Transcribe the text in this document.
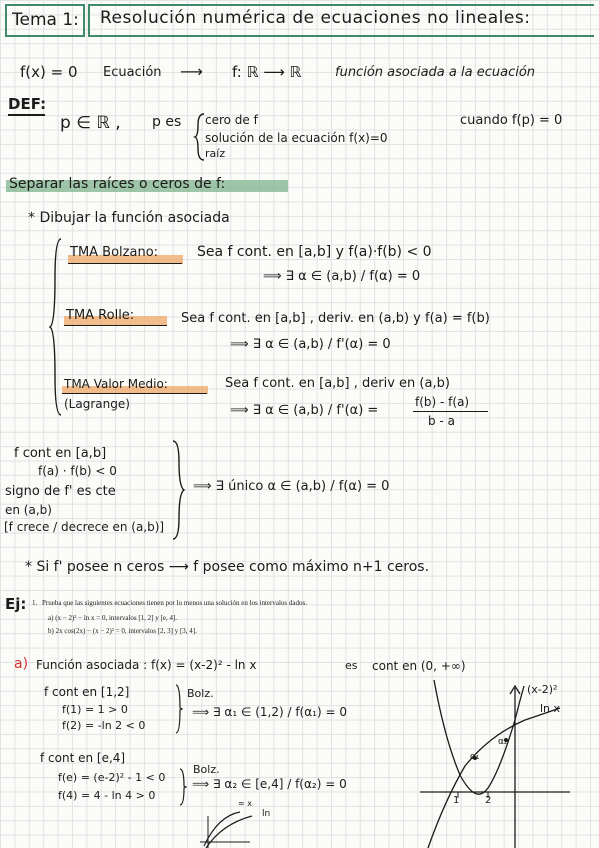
Tema 1: Resolución numérica de ecuaciones no lineales:
f(x) = 0 Ecuación ⟶ f: ℝ ⟶ ℝ	función asociada a la ecuación
DEF:
p ∈ ℝ , p es cero de f
solución de la ecuación f(x)=0
raíz
cuando f(p) = 0
Separar las raíces o ceros de f:
* Dibujar la función asociada
TMA Bolzano:	Sea f cont. en [a,b] y f(a)·f(b) < 0
⟹ ∃ α ∈ (a,b) / f(α) = 0
TMA Rolle:	Sea f cont. en [a,b] , deriv. en (a,b) y f(a) = f(b)
⟹ ∃ α ∈ (a,b) / f'(α) = 0
TMA Valor Medio:
(Lagrange)
Sea f cont. en [a,b] , deriv en (a,b)
⟹ ∃ α ∈ (a,b) / f'(α) =
f(b) - f(a)
b - a
f cont en [a,b]
f(a) · f(b) < 0
signo de f' es cte
en (a,b)
[f crece / decrece en (a,b)]
⟹ ∃ único α ∈ (a,b) / f(α) = 0
* Si f' posee n ceros ⟶ f posee como máximo n+1 ceros.
Ej: 1. Prueba que las siguientes ecuaciones tienen por lo menos una solución en los intervalos dados.
a) (x − 2)² − ln x = 0, intervalos [1, 2] y [e, 4].
b) 2x cos(2x) − (x − 2)² = 0, intervalos [2, 3] y [3, 4].
a) Función asociada : f(x) = (x-2)² - ln x	es cont en (0, +∞)
f cont en [1,2]
f(1) = 1 > 0
f(2) = -ln 2 < 0
Bolz.
⟹ ∃ α₁ ∈ (1,2) / f(α₁) = 0
f cont en [e,4]
f(e) = (e-2)² - 1 < 0
f(4) = 4 - ln 4 > 0
Bolz.
⟹ ∃ α₂ ∈ [e,4] / f(α₂) = 0
≈ x
ln
(x-2)²
ln x
1	2
α₁
α₂
